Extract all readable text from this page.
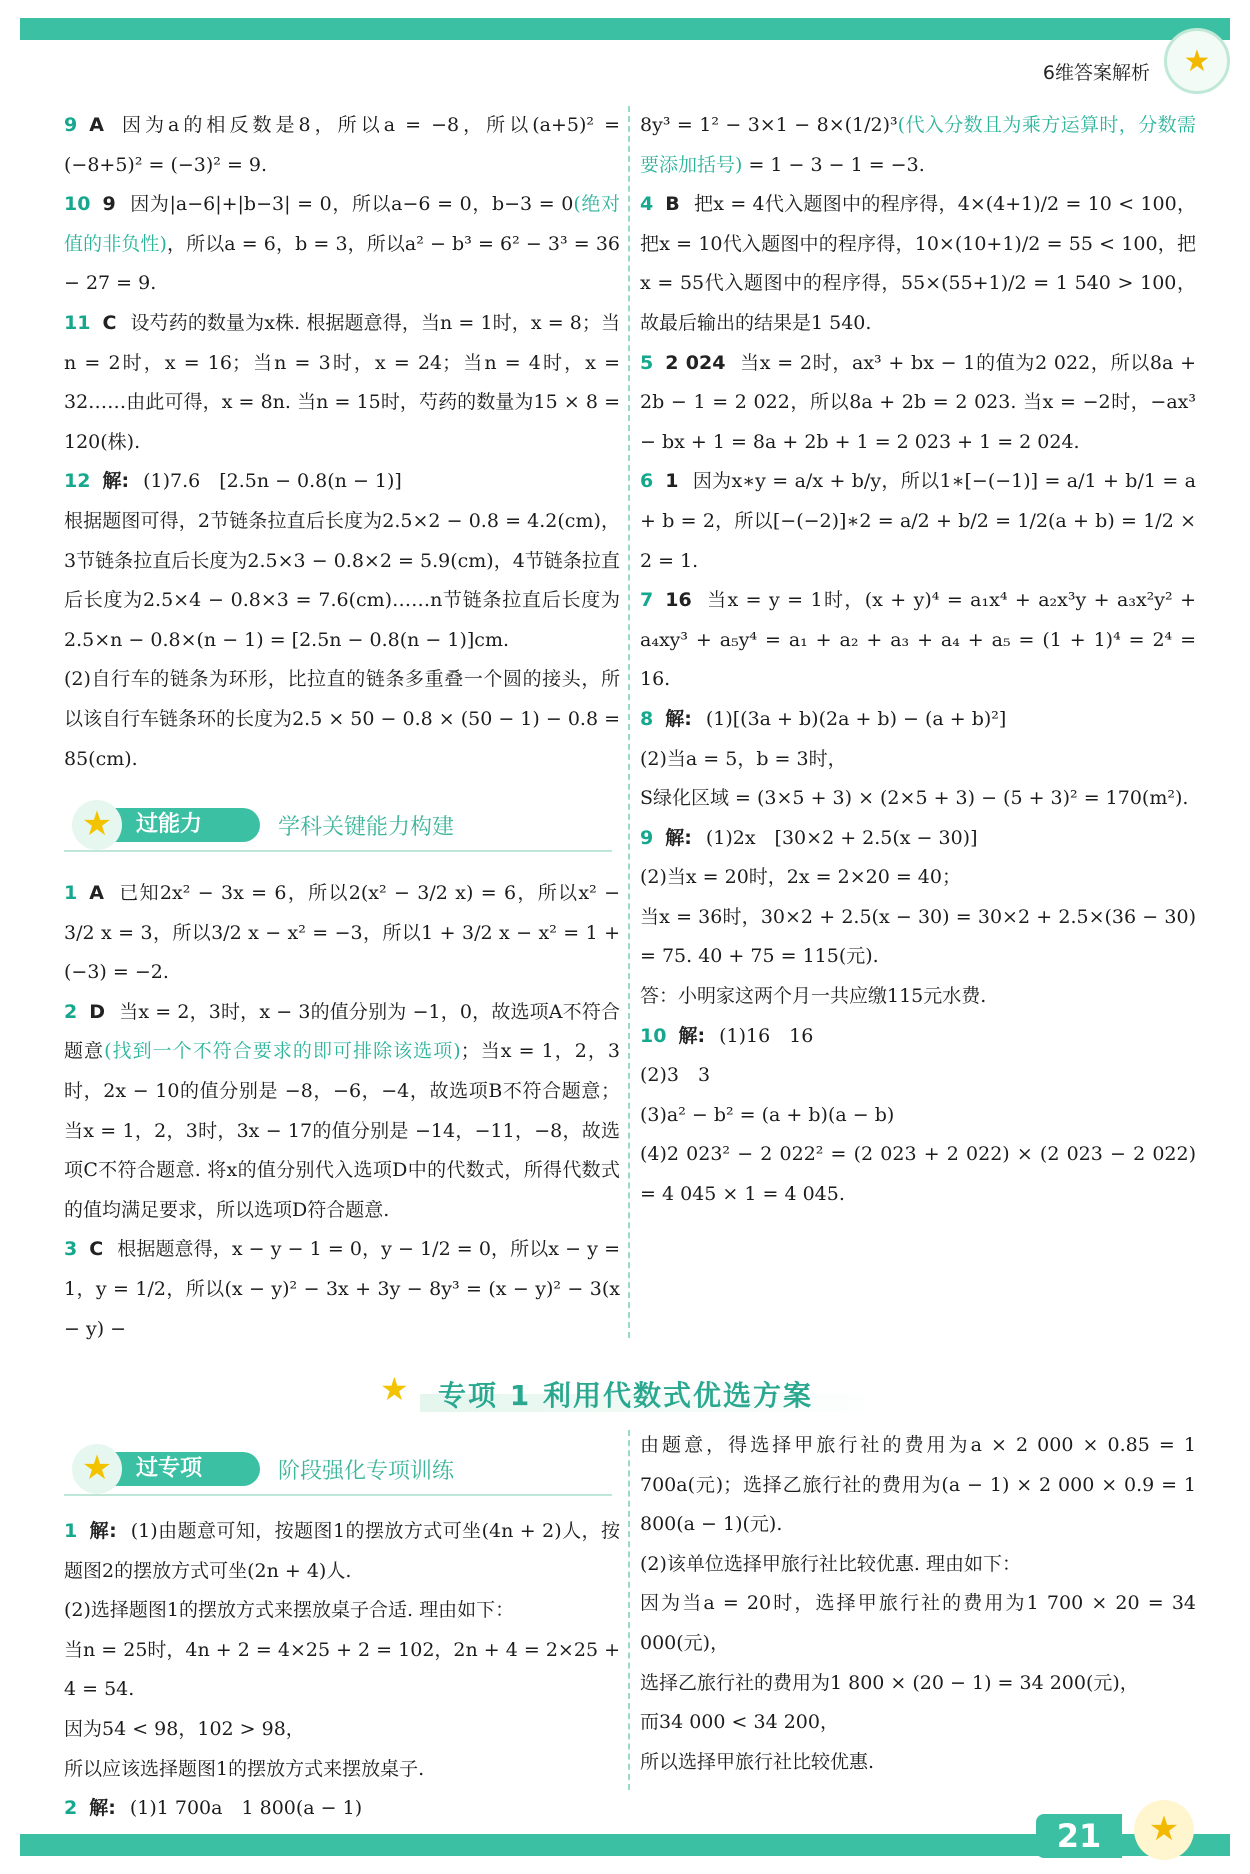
6维答案解析	★

9 A 因为a的相反数是8，所以a = −8，所以(a+5)² = (−8+5)² = (−3)² = 9.

10 9 因为|a−6|+|b−3| = 0，所以a−6 = 0，b−3 = 0(绝对值的非负性)，所以a = 6，b = 3，所以a² − b³ = 6² − 3³ = 36 − 27 = 9.

11 C 设芍药的数量为x株. 根据题意得，当n = 1时，x = 8；当n = 2时，x = 16；当n = 3时，x = 24；当n = 4时，x = 32……由此可得，x = 8n. 当n = 15时，芍药的数量为15 × 8 = 120(株).

12 解: (1)7.6　[2.5n − 0.8(n − 1)]

根据题图可得，2节链条拉直后长度为2.5×2 − 0.8 = 4.2(cm)，3节链条拉直后长度为2.5×3 − 0.8×2 = 5.9(cm)，4节链条拉直后长度为2.5×4 − 0.8×3 = 7.6(cm)……n节链条拉直后长度为2.5×n − 0.8×(n − 1) = [2.5n − 0.8(n − 1)]cm.

(2)自行车的链条为环形，比拉直的链条多重叠一个圆的接头，所以该自行车链条环的长度为2.5 × 50 − 0.8 × (50 − 1) − 0.8 = 85(cm).

过能力
★	学科关键能力构建

1 A 已知2x² − 3x = 6，所以2(x² − 3/2 x) = 6，所以x² − 3/2 x = 3，所以3/2 x − x² = −3，所以1 + 3/2 x − x² = 1 + (−3) = −2.

2 D 当x = 2，3时，x − 3的值分别为 −1，0，故选项A不符合题意(找到一个不符合要求的即可排除该选项)；当x = 1，2，3时，2x − 10的值分别是 −8，−6，−4，故选项B不符合题意；当x = 1，2，3时，3x − 17的值分别是 −14，−11，−8，故选项C不符合题意. 将x的值分别代入选项D中的代数式，所得代数式的值均满足要求，所以选项D符合题意.

3 C 根据题意得，x − y − 1 = 0，y − 1/2 = 0，所以x − y = 1，y = 1/2，所以(x − y)² − 3x + 3y − 8y³ = (x − y)² − 3(x − y) −

8y³ = 1² − 3×1 − 8×(1/2)³(代入分数且为乘方运算时，分数需要添加括号) = 1 − 3 − 1 = −3.

4 B 把x = 4代入题图中的程序得，4×(4+1)/2 = 10 < 100，把x = 10代入题图中的程序得，10×(10+1)/2 = 55 < 100，把x = 55代入题图中的程序得，55×(55+1)/2 = 1 540 > 100，故最后输出的结果是1 540.

5 2 024 当x = 2时，ax³ + bx − 1的值为2 022，所以8a + 2b − 1 = 2 022，所以8a + 2b = 2 023. 当x = −2时，−ax³ − bx + 1 = 8a + 2b + 1 = 2 023 + 1 = 2 024.

6 1 因为x∗y = a/x + b/y，所以1∗[−(−1)] = a/1 + b/1 = a + b = 2，所以[−(−2)]∗2 = a/2 + b/2 = 1/2(a + b) = 1/2 × 2 = 1.

7 16 当x = y = 1时，(x + y)⁴ = a₁x⁴ + a₂x³y + a₃x²y² + a₄xy³ + a₅y⁴ = a₁ + a₂ + a₃ + a₄ + a₅ = (1 + 1)⁴ = 2⁴ = 16.

8 解: (1)[(3a + b)(2a + b) − (a + b)²]

(2)当a = 5，b = 3时，

S绿化区域 = (3×5 + 3) × (2×5 + 3) − (5 + 3)² = 170(m²).

9 解: (1)2x　[30×2 + 2.5(x − 30)]

(2)当x = 20时，2x = 2×20 = 40；

当x = 36时，30×2 + 2.5(x − 30) = 30×2 + 2.5×(36 − 30) = 75. 40 + 75 = 115(元).

答：小明家这两个月一共应缴115元水费.

10 解: (1)16　16

(2)3　3

(3)a² − b² = (a + b)(a − b)

(4)2 023² − 2 022² = (2 023 + 2 022) × (2 023 − 2 022) = 4 045 × 1 = 4 045.

★ 专项 1 利用代数式优选方案
过专项
★	阶段强化专项训练

1 解: (1)由题意可知，按题图1的摆放方式可坐(4n + 2)人，按题图2的摆放方式可坐(2n + 4)人.

(2)选择题图1的摆放方式来摆放桌子合适. 理由如下：

当n = 25时，4n + 2 = 4×25 + 2 = 102，2n + 4 = 2×25 + 4 = 54.

因为54 < 98，102 > 98，

所以应该选择题图1的摆放方式来摆放桌子.

2 解: (1)1 700a　1 800(a − 1)

由题意，得选择甲旅行社的费用为a × 2 000 × 0.85 = 1 700a(元)；选择乙旅行社的费用为(a − 1) × 2 000 × 0.9 = 1 800(a − 1)(元).

(2)该单位选择甲旅行社比较优惠. 理由如下：

因为当a = 20时，选择甲旅行社的费用为1 700 × 20 = 34 000(元)，

选择乙旅行社的费用为1 800 × (20 − 1) = 34 200(元)，

而34 000 < 34 200，

所以选择甲旅行社比较优惠.

21	★
